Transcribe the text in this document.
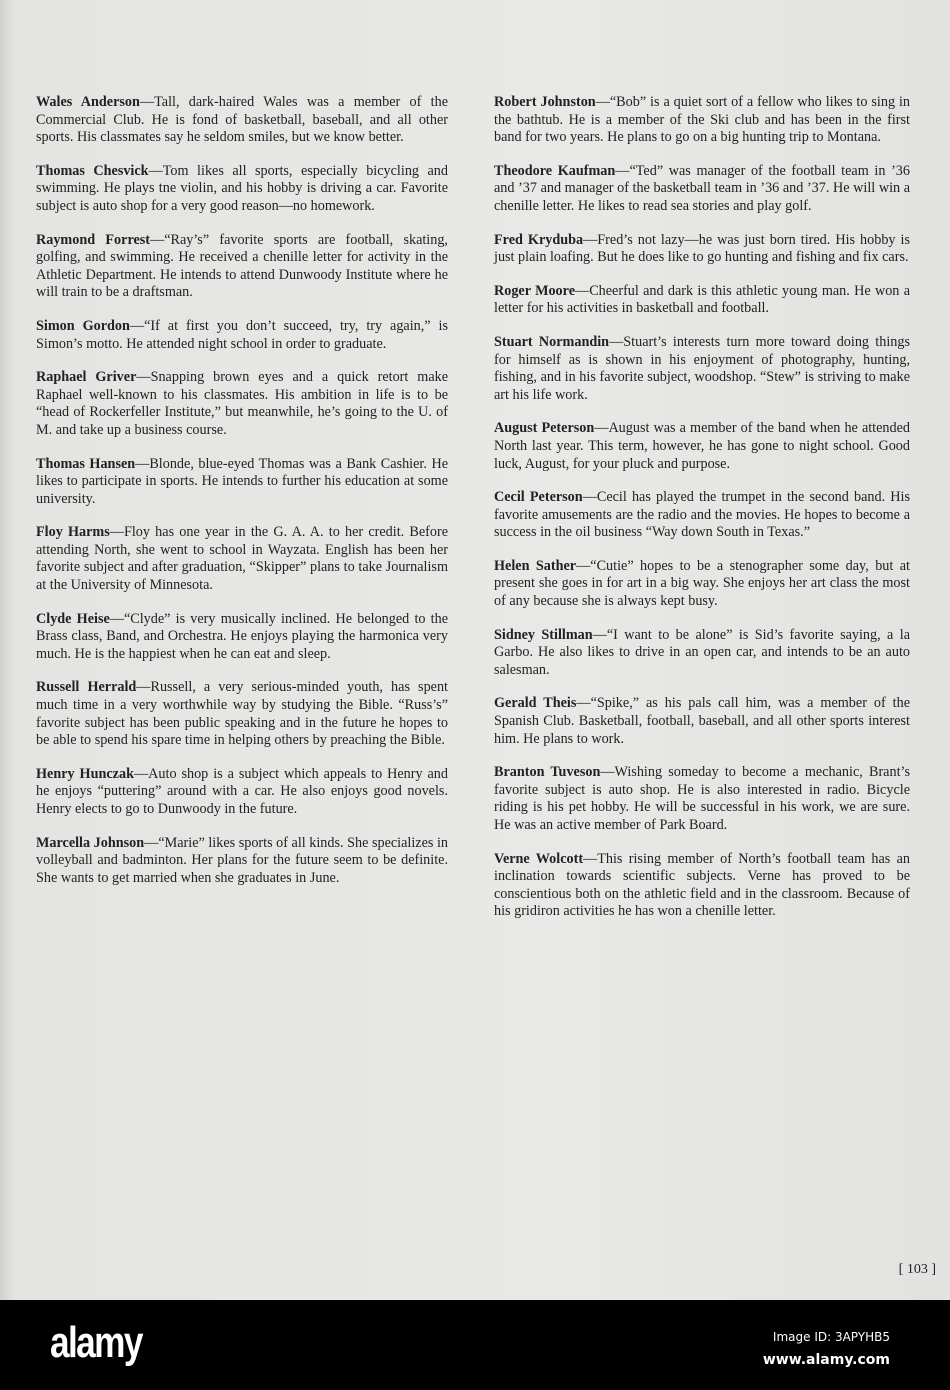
Wales Anderson—Tall, dark-haired Wales was a member of the Commercial Club. He is fond of basketball, baseball, and all other sports. His classmates say he seldom smiles, but we know better.

Thomas Chesvick—Tom likes all sports, especially bicycling and swimming. He plays tne violin, and his hobby is driving a car. Favorite subject is auto shop for a very good reason—no homework.

Raymond Forrest—“Ray’s” favorite sports are football, skating, golfing, and swimming. He received a chenille letter for activity in the Athletic Department. He intends to attend Dunwoody Institute where he will train to be a draftsman.

Simon Gordon—“If at first you don’t succeed, try, try again,” is Simon’s motto. He attended night school in order to graduate.

Raphael Griver—Snapping brown eyes and a quick retort make Raphael well-known to his classmates. His ambition in life is to be “head of Rockerfeller Institute,” but meanwhile, he’s going to the U. of M. and take up a business course.

Thomas Hansen—Blonde, blue-eyed Thomas was a Bank Cashier. He likes to participate in sports. He intends to further his education at some university.

Floy Harms—Floy has one year in the G. A. A. to her credit. Before attending North, she went to school in Wayzata. English has been her favorite subject and after graduation, “Skipper” plans to take Journalism at the University of Minnesota.

Clyde Heise—“Clyde” is very musically inclined. He belonged to the Brass class, Band, and Orchestra. He enjoys playing the harmonica very much. He is the happiest when he can eat and sleep.

Russell Herrald—Russell, a very serious-minded youth, has spent much time in a very worthwhile way by studying the Bible. “Russ’s” favorite subject has been public speaking and in the future he hopes to be able to spend his spare time in helping others by preaching the Bible.

Henry Hunczak—Auto shop is a subject which appeals to Henry and he enjoys “puttering” around with a car. He also enjoys good novels. Henry elects to go to Dunwoody in the future.

Marcella Johnson—“Marie” likes sports of all kinds. She specializes in volleyball and badminton. Her plans for the future seem to be definite. She wants to get married when she graduates in June.

Robert Johnston—“Bob” is a quiet sort of a fellow who likes to sing in the bathtub. He is a member of the Ski club and has been in the first band for two years. He plans to go on a big hunting trip to Montana.

Theodore Kaufman—“Ted” was manager of the football team in ’36 and ’37 and manager of the basketball team in ’36 and ’37. He will win a chenille letter. He likes to read sea stories and play golf.

Fred Kryduba—Fred’s not lazy—he was just born tired. His hobby is just plain loafing. But he does like to go hunting and fishing and fix cars.

Roger Moore—Cheerful and dark is this athletic young man. He won a letter for his activities in basketball and football.

Stuart Normandin—Stuart’s interests turn more toward doing things for himself as is shown in his enjoyment of photography, hunting, fishing, and in his favorite subject, woodshop. “Stew” is striving to make art his life work.

August Peterson—August was a member of the band when he attended North last year. This term, however, he has gone to night school. Good luck, August, for your pluck and purpose.

Cecil Peterson—Cecil has played the trumpet in the second band. His favorite amusements are the radio and the movies. He hopes to become a success in the oil business “Way down South in Texas.”

Helen Sather—“Cutie” hopes to be a stenographer some day, but at present she goes in for art in a big way. She enjoys her art class the most of any because she is always kept busy.

Sidney Stillman—“I want to be alone” is Sid’s favorite saying, a la Garbo. He also likes to drive in an open car, and intends to be an auto salesman.

Gerald Theis—“Spike,” as his pals call him, was a member of the Spanish Club. Basketball, football, baseball, and all other sports interest him. He plans to work.

Branton Tuveson—Wishing someday to become a mechanic, Brant’s favorite subject is auto shop. He is also interested in radio. Bicycle riding is his pet hobby. He will be successful in his work, we are sure. He was an active member of Park Board.

Verne Wolcott—This rising member of North’s football team has an inclination towards scientific subjects. Verne has proved to be conscientious both on the athletic field and in the classroom. Because of his gridiron activities he has won a chenille letter.

[ 103 ]
alamy	Image ID: 3APYHB5
www.alamy.com
